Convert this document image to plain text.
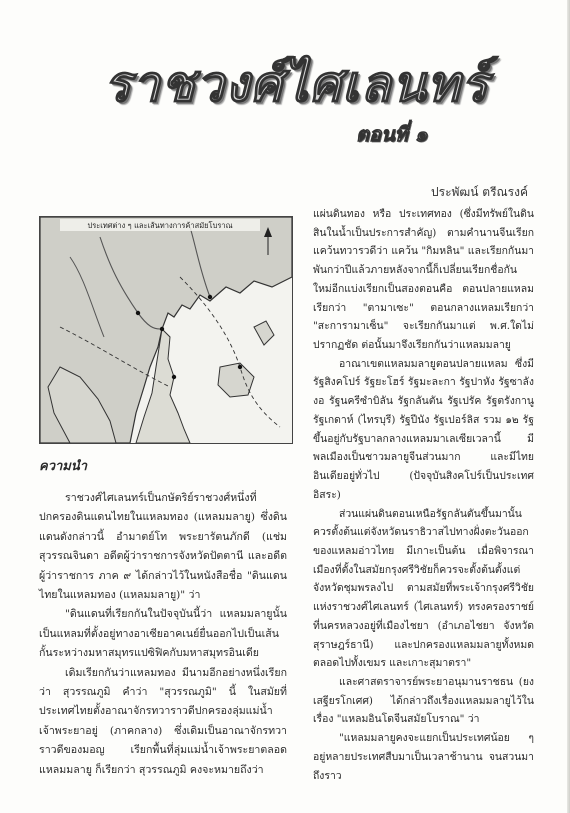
ราชวงศ์ไศเลนทร์
ตอนที่ ๑
ประพัฒน์ ตรีณรงค์
ประเทศต่าง ๆ และเส้นทางการค้าสมัยโบราณ

ความนำ

ราชวงศ์ไศเลนทร์เป็นกษัตริย์ราชวงศ์หนึ่งที่ปกครองดินแดนไทยในแหลมทอง (แหลมมลายู) ซึ่งดินแดนดังกล่าวนี้ อำมาตย์โท พระยารัตนภักดี (แช่ม สุวรรณจินดา อดีตผู้ว่าราชการจังหวัดปัตตานี และอดีตผู้ว่าราชการ ภาค ๙ ได้กล่าวไว้ในหนังสือชื่อ "ดินแดนไทยในแหลมทอง (แหลมมลายู)" ว่า

"ดินแดนที่เรียกกันในปัจจุบันนี้ว่า แหลมมลายูนั้น เป็นแหลมที่ตั้งอยู่ทางอาเซียอาคเนย์ยื่นออกไปเป็นเส้นกั้นระหว่างมหาสมุทรแปซิฟิคกับมหาสมุทรอินเดีย

เดิมเรียกกันว่าแหลมทอง มีนามอีกอย่างหนึ่งเรียกว่า สุวรรณภูมิ คำว่า "สุวรรณภูมิ" นี้ ในสมัยที่ประเทศไทยตั้งอาณาจักรทวาราวดีปกครองลุ่มแม่น้ำเจ้าพระยาอยู่ (ภาคกลาง) ซึ่งเดิมเป็นอาณาจักรทวาราวดีของมอญ เรียกพื้นที่ลุ่มแม่น้ำเจ้าพระยาตลอดแหลมมลายู ก็เรียกว่า สุวรรณภูมิ คงจะหมายถึงว่า

แผ่นดินทอง หรือ ประเทศทอง (ซึ่งมีทรัพย์ในดินสินในน้ำเป็นประการสำคัญ) ตามคำนานจีนเรียกแคว้นทวารวดีว่า แคว้น "กิมหลิน" และเรียกกันมาพันกว่าปีแล้วภายหลังจากนี้ก็เปลี่ยนเรียกชื่อกันใหม่อีกแบ่งเรียกเป็นสองตอนคือ ตอนปลายแหลมเรียกว่า "ตามาเซะ" ตอนกลางแหลมเรียกว่า "สะการามาเซ็น" จะเรียกกันมาแต่ พ.ศ.ใดไม่ปรากฏชัด ต่อนั้นมาจึงเรียกกันว่าแหลมมลายู

อาณาเขตแหลมมลายูตอนปลายแหลม ซึ่งมีรัฐสิงคโปร์ รัฐยะโฮร์ รัฐมะละกา รัฐปาหัง รัฐซาลังงอ รัฐนครีซำบิลัน รัฐกลันตัน รัฐเปรัค รัฐตรังกานู รัฐเกดาห์ (ไทรบุรี) รัฐปีนัง รัฐเปอร์ลิส รวม ๑๒ รัฐ ขึ้นอยู่กับรัฐบาลกลางแหลมมาเลเซียเวลานี้ มีพลเมืองเป็นชาวมลายูจีนส่วนมาก และมีไทยอินเดียอยู่ทั่วไป (ปัจจุบันสิงคโปร์เป็นประเทศอิสระ)

ส่วนแผ่นดินตอนเหนือรัฐกลันตันขึ้นมานั้นควรตั้งต้นแต่จังหวัดนราธิวาสไปทางฝั่งตะวันออกของแหลมอ่าวไทย มีเกาะเป็นต้น เมื่อพิจารณาเมืองที่ตั้งในสมัยกรุงศรีวิชัยก็ควรจะตั้งต้นตั้งแต่จังหวัดชุมพรลงไป ตามสมัยที่พระเจ้ากรุงศรีวิชัยแห่งราชวงศ์ไศเลนทร์ (ไศเลนทร์) ทรงครองราชย์ที่นครหลวงอยู่ที่เมืองไชยา (อำเภอไชยา จังหวัดสุราษฎร์ธานี) และปกครองแหลมมลายูทั้งหมดตลอดไปทั้งเขมร และเกาะสุมาตรา"

และศาสตราจารย์พระยาอนุมานราชธน (ยง เสฐียรโกเศศ) ได้กล่าวถึงเรื่องแหลมมลายูไว้ในเรื่อง "แหลมอินโดจีนสมัยโบราณ" ว่า

"แหลมมลายูคงจะแยกเป็นประเทศน้อย ๆ อยู่หลายประเทศสืบมาเป็นเวลาช้านาน จนสวนมาถึงราว
